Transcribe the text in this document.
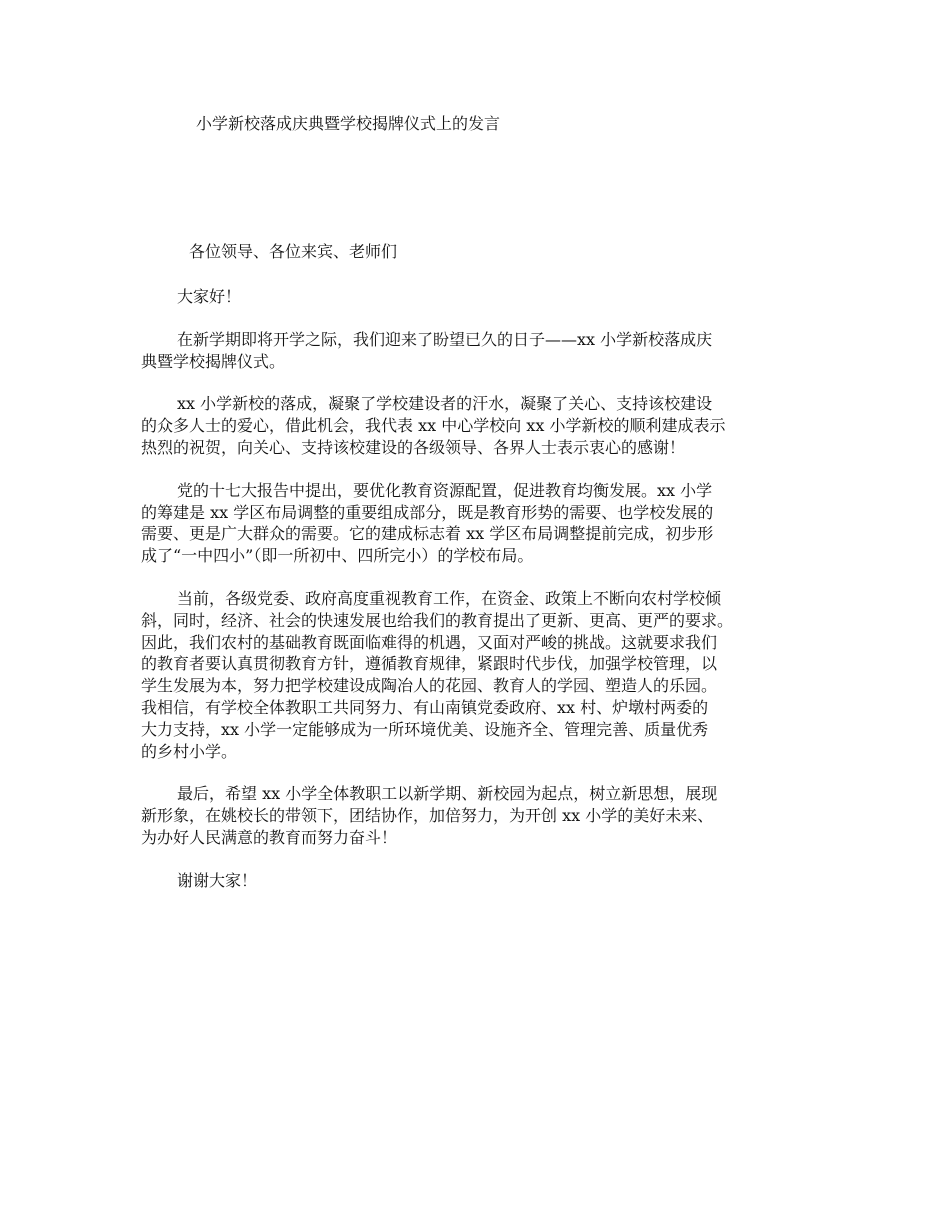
小学新校落成庆典暨学校揭牌仪式上的发言
各位领导、各位来宾、老师们
大家好！
在新学期即将开学之际，我们迎来了盼望已久的日子——xx 小学新校落成庆
典暨学校揭牌仪式。
xx 小学新校的落成，凝聚了学校建设者的汗水，凝聚了关心、支持该校建设
的众多人士的爱心，借此机会，我代表 xx 中心学校向 xx 小学新校的顺利建成表示
热烈的祝贺，向关心、支持该校建设的各级领导、各界人士表示衷心的感谢！
党的十七大报告中提出，要优化教育资源配置，促进教育均衡发展。xx 小学
的筹建是 xx 学区布局调整的重要组成部分，既是教育形势的需要、也学校发展的
需要、更是广大群众的需要。它的建成标志着 xx 学区布局调整提前完成，初步形
成了“一中四小”（即一所初中、四所完小）的学校布局。
当前，各级党委、政府高度重视教育工作，在资金、政策上不断向农村学校倾
斜，同时，经济、社会的快速发展也给我们的教育提出了更新、更高、更严的要求。
因此，我们农村的基础教育既面临难得的机遇，又面对严峻的挑战。这就要求我们
的教育者要认真贯彻教育方针，遵循教育规律，紧跟时代步伐，加强学校管理，以
学生发展为本，努力把学校建设成陶冶人的花园、教育人的学园、塑造人的乐园。
我相信，有学校全体教职工共同努力、有山南镇党委政府、xx 村、炉墩村两委的
大力支持，xx 小学一定能够成为一所环境优美、设施齐全、管理完善、质量优秀
的乡村小学。
最后，希望 xx 小学全体教职工以新学期、新校园为起点，树立新思想，展现
新形象，在姚校长的带领下，团结协作，加倍努力，为开创 xx 小学的美好未来、
为办好人民满意的教育而努力奋斗！
谢谢大家！
